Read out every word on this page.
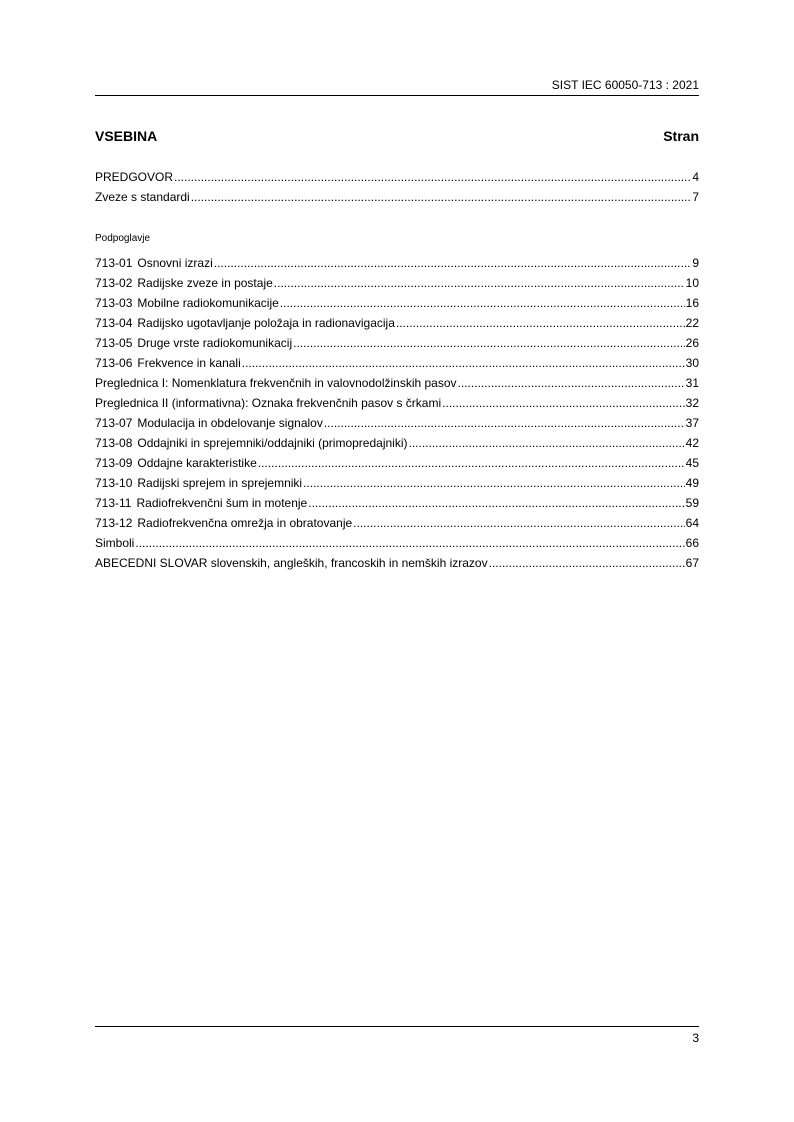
SIST IEC 60050-713 : 2021
VSEBINA	Stran
PREDGOVOR .....	4
Zveze s standardi .....	7
Podpoglavje
713-01 Osnovni izrazi .....	9
713-02 Radijske zveze in postaje .....	10
713-03 Mobilne radiokomunikacije .....	16
713-04 Radijsko ugotavljanje položaja in radionavigacija .....	22
713-05 Druge vrste radiokomunikacij .....	26
713-06 Frekvence in kanali .....	30
Preglednica I: Nomenklatura frekvenčnih in valovnodolžinskih pasov .....	31
Preglednica II (informativna): Oznaka frekvenčnih pasov s črkami .....	32
713-07 Modulacija in obdelovanje signalov .....	37
713-08 Oddajniki in sprejemniki/oddajniki (primopredajniki) .....	42
713-09 Oddajne karakteristike .....	45
713-10 Radijski sprejem in sprejemniki .....	49
713-11 Radiofrekvenčni šum in motenje .....	59
713-12 Radiofrekvenčna omrežja in obratovanje .....	64
Simboli .....	66
ABECEDNI SLOVAR slovenskih, angleških, francoskih in nemških izrazov .....	67
3
